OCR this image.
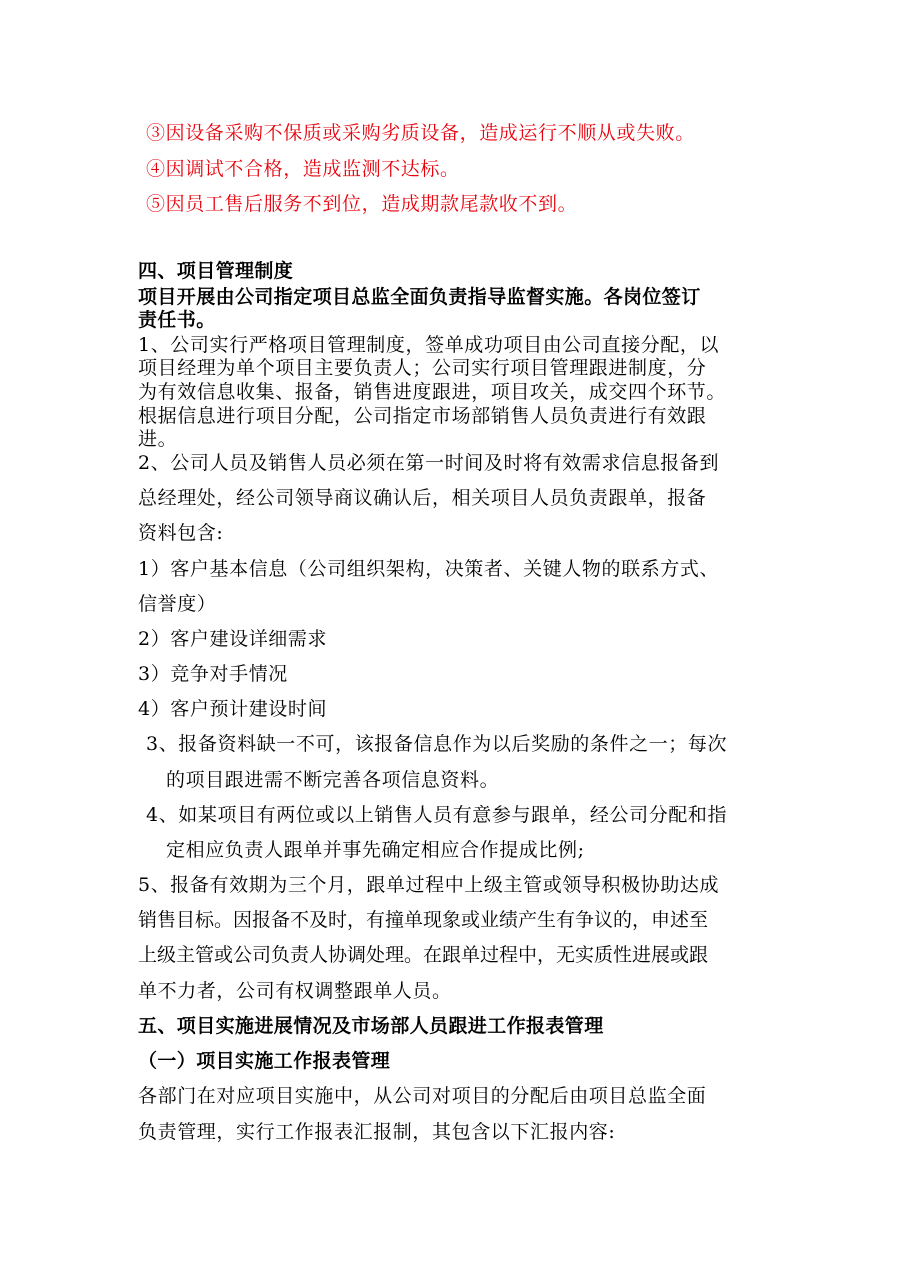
③因设备采购不保质或采购劣质设备，造成运行不顺从或失败。

④因调试不合格，造成监测不达标。

⑤因员工售后服务不到位，造成期款尾款收不到。

四、项目管理制度

项目开展由公司指定项目总监全面负责指导监督实施。各岗位签订

责任书。

1、公司实行严格项目管理制度，签单成功项目由公司直接分配，以

项目经理为单个项目主要负责人；公司实行项目管理跟进制度，分

为有效信息收集、报备，销售进度跟进，项目攻关，成交四个环节。

根据信息进行项目分配，公司指定市场部销售人员负责进行有效跟

进。

2、公司人员及销售人员必须在第一时间及时将有效需求信息报备到

总经理处，经公司领导商议确认后，相关项目人员负责跟单，报备

资料包含:

1）客户基本信息（公司组织架构，决策者、关键人物的联系方式、

信誉度）

2）客户建设详细需求

3）竞争对手情况

4）客户预计建设时间

3、报备资料缺一不可，该报备信息作为以后奖励的条件之一；每次

的项目跟进需不断完善各项信息资料。

4、如某项目有两位或以上销售人员有意参与跟单，经公司分配和指

定相应负责人跟单并事先确定相应合作提成比例;

5、报备有效期为三个月，跟单过程中上级主管或领导积极协助达成

销售目标。因报备不及时，有撞单现象或业绩产生有争议的，申述至

上级主管或公司负责人协调处理。在跟单过程中，无实质性进展或跟

单不力者，公司有权调整跟单人员。

五、项目实施进展情况及市场部人员跟进工作报表管理

（一）项目实施工作报表管理

各部门在对应项目实施中，从公司对项目的分配后由项目总监全面

负责管理，实行工作报表汇报制，其包含以下汇报内容:
